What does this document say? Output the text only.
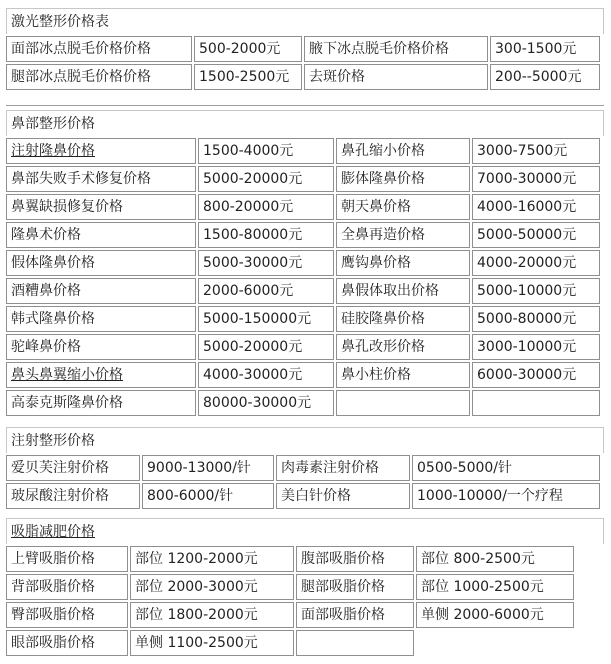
激光整形价格表
面部冰点脱毛价格价格	500-2000元	腋下冰点脱毛价格价格	300-1500元
腿部冰点脱毛价格价格	1500-2500元	去斑价格	200--5000元
鼻部整形价格
注射隆鼻价格	1500-4000元	鼻孔缩小价格	3000-7500元
鼻部失败手术修复价格	5000-20000元	膨体隆鼻价格	7000-30000元
鼻翼缺损修复价格	800-20000元	朝天鼻价格	4000-16000元
隆鼻术价格	1500-80000元	全鼻再造价格	5000-50000元
假体隆鼻价格	5000-30000元	鹰钩鼻价格	4000-20000元
酒糟鼻价格	2000-6000元	鼻假体取出价格	5000-10000元
韩式隆鼻价格	5000-150000元	硅胶隆鼻价格	5000-80000元
驼峰鼻价格	5000-20000元	鼻孔改形价格	3000-10000元
鼻头鼻翼缩小价格	4000-30000元	鼻小柱价格	6000-30000元
高泰克斯隆鼻价格	80000-30000元		
注射整形价格
爱贝芙注射价格	9000-13000/针	肉毒素注射价格	0500-5000/针
玻尿酸注射价格	800-6000/针	美白针价格	1000-10000/一个疗程
吸脂减肥价格
上臂吸脂价格	部位 1200-2000元	腹部吸脂价格	部位 800-2500元
背部吸脂价格	部位 2000-3000元	腿部吸脂价格	部位 1000-2500元
臀部吸脂价格	部位 1800-2000元	面部吸脂价格	单侧 2000-6000元
眼部吸脂价格	单侧 1100-2500元		
